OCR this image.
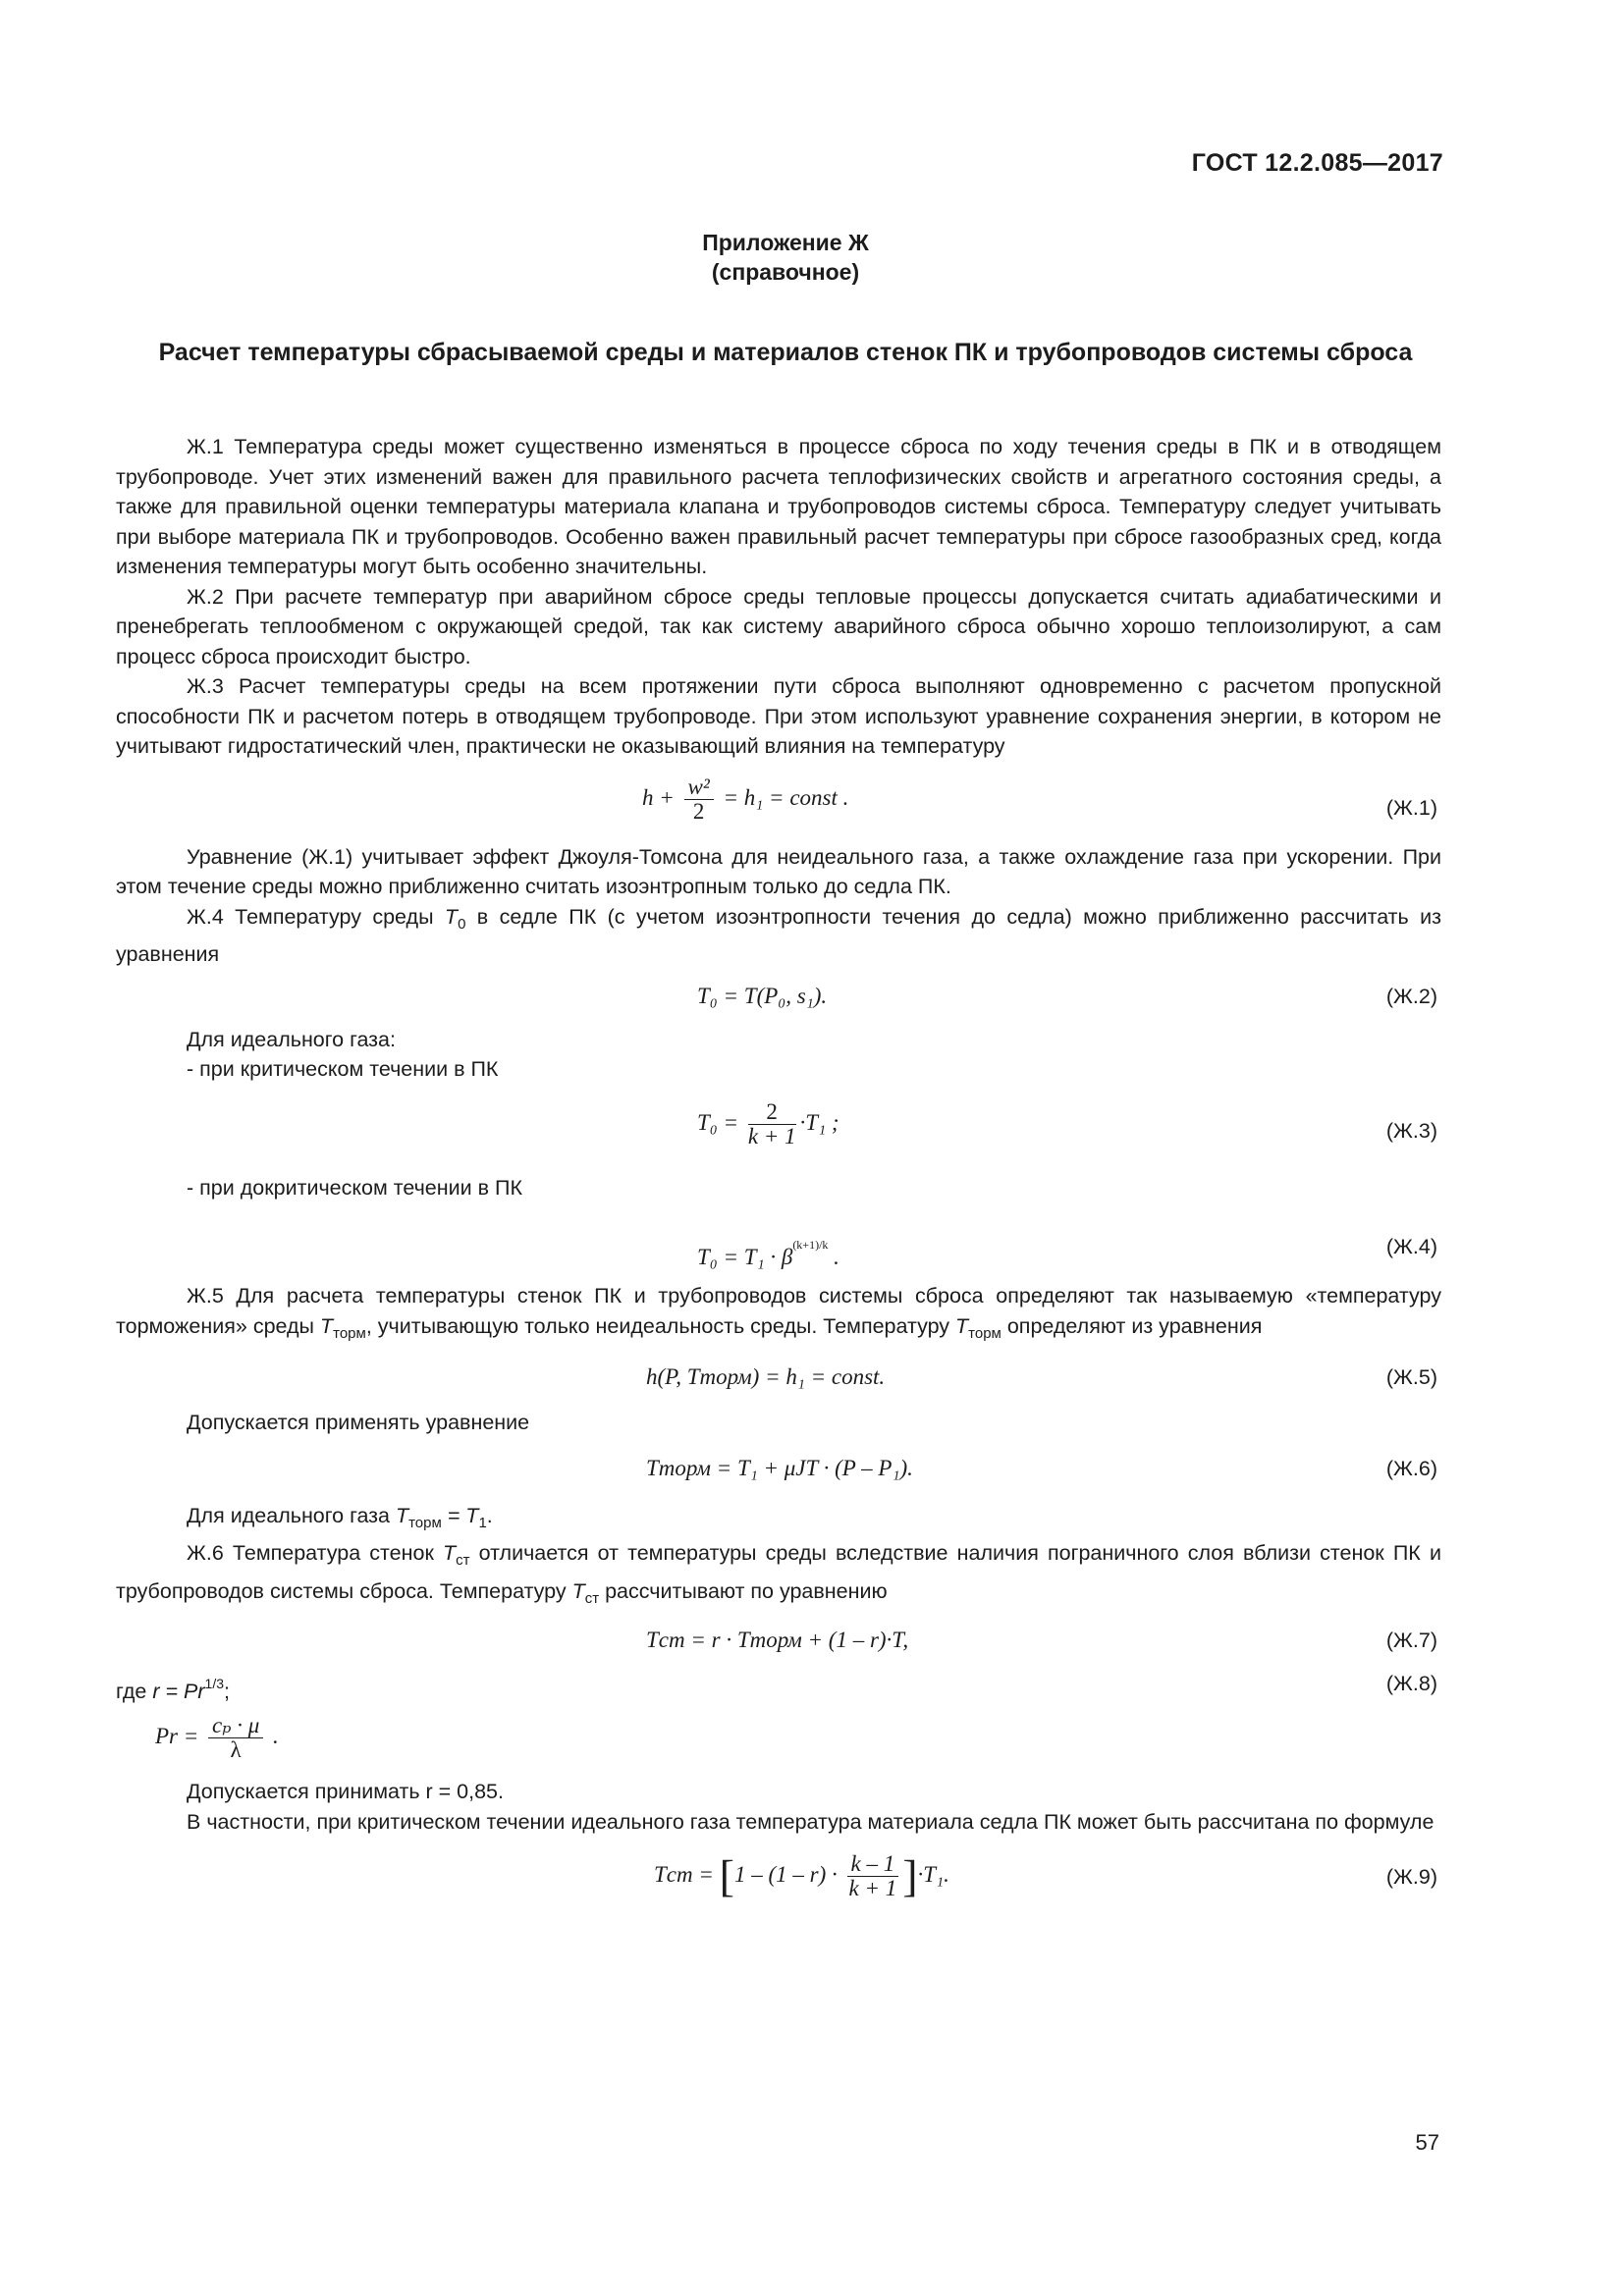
ГОСТ 12.2.085—2017
Приложение Ж
(справочное)
Расчет температуры сбрасываемой среды и материалов стенок ПК и трубопроводов системы сброса

Ж.1 Температура среды может существенно изменяться в процессе сброса по ходу течения среды в ПК и в отводящем трубопроводе. Учет этих изменений важен для правильного расчета теплофизических свойств и агрегатного состояния среды, а также для правильной оценки температуры материала клапана и трубопроводов системы сброса. Температуру следует учитывать при выборе материала ПК и трубопроводов. Особенно важен правильный расчет температуры при сбросе газообразных сред, когда изменения температуры могут быть особенно значительны.

Ж.2 При расчете температур при аварийном сбросе среды тепловые процессы допускается считать адиабатическими и пренебрегать теплообменом с окружающей средой, так как систему аварийного сброса обычно хорошо теплоизолируют, а сам процесс сброса происходит быстро.

Ж.3 Расчет температуры среды на всем протяжении пути сброса выполняют одновременно с расчетом пропускной способности ПК и расчетом потерь в отводящем трубопроводе. При этом используют уравнение сохранения энергии, в котором не учитывают гидростатический член, практически не оказывающий влияния на температуру

$h + \frac{\text{w²}}{2} = h_1$ = const .	(Ж.1)

Уравнение (Ж.1) учитывает эффект Джоуля-Томсона для неидеального газа, а также охлаждение газа при ускорении. При этом течение среды можно приближенно считать изоэнтропным только до седла ПК.

Ж.4 Температуру среды $T_0$ в седле ПК (с учетом изоэнтропности течения до седла) можно приближенно рассчитать из уравнения

T₀ = T(P₀, s₁).	(Ж.2)

Для идеального газа:

- при критическом течении в ПК

$T_0 = \frac{2}{k + 1} \cdot T_1$ ;	(Ж.3)

- при докритическом течении в ПК

$T_0 = T_1 \cdot \beta^{(k+1)/k}$ .	(Ж.4)

Ж.5 Для расчета температуры стенок ПК и трубопроводов системы сброса определяют так называемую «температуру торможения» среды $T_{торм}$, учитывающую только неидеальность среды. Температуру $T_{торм}$ определяют из уравнения

h(P, Tторм) = h₁ = const.	(Ж.5)

Допускается применять уравнение

Tторм = T₁ + μJT · (P – P₁).	(Ж.6)

Для идеального газа $T_{торм} = T_1$.

Ж.6 Температура стенок $T_{ст}$ отличается от температуры среды вследствие наличия пограничного слоя вблизи стенок ПК и трубопроводов системы сброса. Температуру $T_{ст}$ рассчитывают по уравнению

Tст = r · Tторм + (1 – r)·T,	(Ж.7)
где $r = Pr^{1/3}$;	(Ж.8)
$Pr = \frac{\text{cₚ · μ}}{\lambda}$ .

Допускается принимать r = 0,85.

В частности, при критическом течении идеального газа температура материала седла ПК может быть рассчитана по формуле

Tст = $[1 - (1 - r) \cdot \frac{k - 1}{k + 1} ]\cdot T_1$.	(Ж.9)
57
